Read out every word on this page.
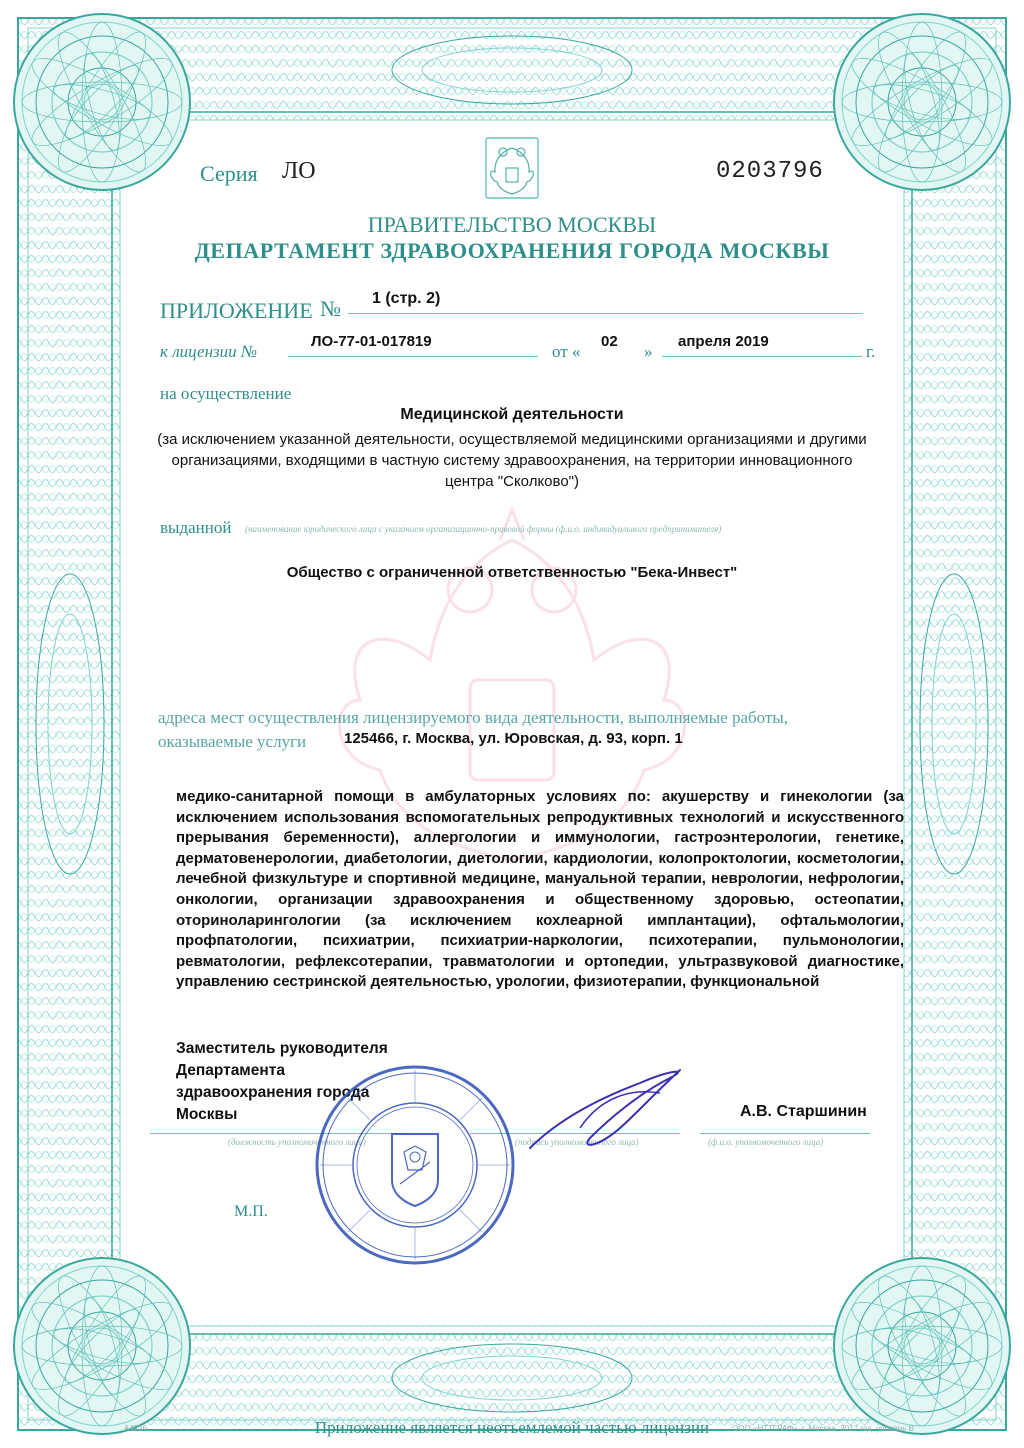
Серия ЛО	0203796
ПРАВИТЕЛЬСТВО МОСКВЫ
ДЕПАРТАМЕНТ ЗДРАВООХРАНЕНИЯ ГОРОДА МОСКВЫ
ПРИЛОЖЕНИЕ № 1 (стр. 2)
к лицензии №
ЛО-77-01-017819
от «
02
»
апреля 2019
г.
на осуществление
Медицинской деятельности
(за исключением указанной деятельности, осуществляемой медицинскими организациями и другими организациями, входящими в частную систему здравоохранения, на территории инновационного центра "Сколково")
выданной (наименование юридического лица с указанием организационно-правовой формы (ф.и.о. индивидуального предпринимателя)
Общество с ограниченной ответственностью "Бека-Инвест"
адреса мест осуществления лицензируемого вида деятельности, выполняемые работы,
оказываемые услуги	125466, г. Москва, ул. Юровская, д. 93, корп. 1
медико-санитарной помощи в амбулаторных условиях по: акушерству и гинекологии (за исключением использования вспомогательных репродуктивных технологий и искусственного прерывания беременности), аллергологии и иммунологии, гастроэнтерологии, генетике, дерматовенерологии, диабетологии, диетологии, кардиологии, колопроктологии, косметологии, лечебной физкультуре и спортивной медицине, мануальной терапии, неврологии, нефрологии, онкологии, организации здравоохранения и общественному здоровью, остеопатии, оториноларингологии (за исключением кохлеарной имплантации), офтальмологии, профпатологии, психиатрии, психиатрии-наркологии, психотерапии, пульмонологии, ревматологии, рефлексотерапии, травматологии и ортопедии, ультразвуковой диагностике, управлению сестринской деятельностью, урологии, физиотерапии, функциональной
Заместитель руководителя
Департамента
здравоохранения города
Москвы	А.В. Старшинин
(должность уполномоченного лица)	(подпись уполномоченного лица)	(ф.и.о. уполномоченного лица)
М.П.
Приложение является неотъемлемой частью лицензии
А4236	ООО «НТТГРАФ», г. Москва, 2017 год, уровень В
